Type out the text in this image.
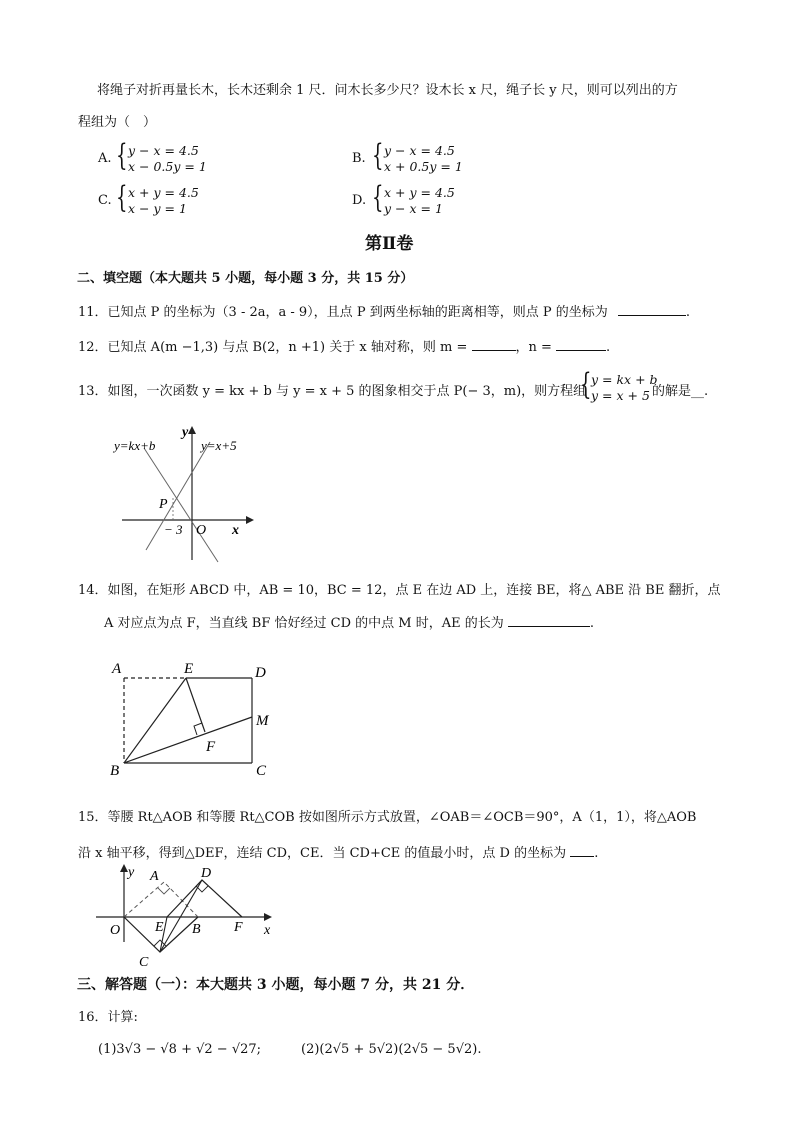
将绳子对折再量长木，长木还剩余 1 尺．问木长多少尺？设木长 x 尺，绳子长 y 尺，则可以列出的方
程组为（　）
A. { y − x = 4.5
x − 0.5y = 1
B. { y − x = 4.5
x + 0.5y = 1
C. { x + y = 4.5
x − y = 1
D. { x + y = 4.5
y − x = 1
第Ⅱ卷
二、填空题（本大题共 5 小题，每小题 3 分，共 15 分）
11．已知点 P 的坐标为（3 - 2a，a - 9），且点 P 到两坐标轴的距离相等，则点 P 的坐标为	.
12．已知点 A(m −1,3) 与点 B(2，n +1) 关于 x 轴对称，则 m =	，n =	.
13．如图，一次函数 y = kx + b 与 y = x + 5 的图象相交于点 P(− 3，m)，则方程组
{ y = kx + b
y = x + 5 的解是__.
y=kx+b	y=x+5
y
x
P
− 3 O
14．如图，在矩形 ABCD 中，AB = 10，BC = 12，点 E 在边 AD 上，连接 BE，将△ ABE 沿 BE 翻折，点
A 对应点为点 F，当直线 BF 恰好经过 CD 的中点 M 时，AE 的长为	.
A	E	D
M
F
B	C
15．等腰 Rt△AOB 和等腰 Rt△COB 按如图所示方式放置，∠OAB＝∠OCB＝90°，A（1，1），将△AOB
沿 x 轴平移，得到△DEF，连结 CD，CE．当 CD+CE 的值最小时，点 D 的坐标为 .
y A	D
O E B F x
C
三、解答题（一）：本大题共 3 小题，每小题 7 分，共 21 分．
16．计算:
(1)3√3 − √8 + √2 − √27;	(2)(2√5 + 5√2)(2√5 − 5√2).
